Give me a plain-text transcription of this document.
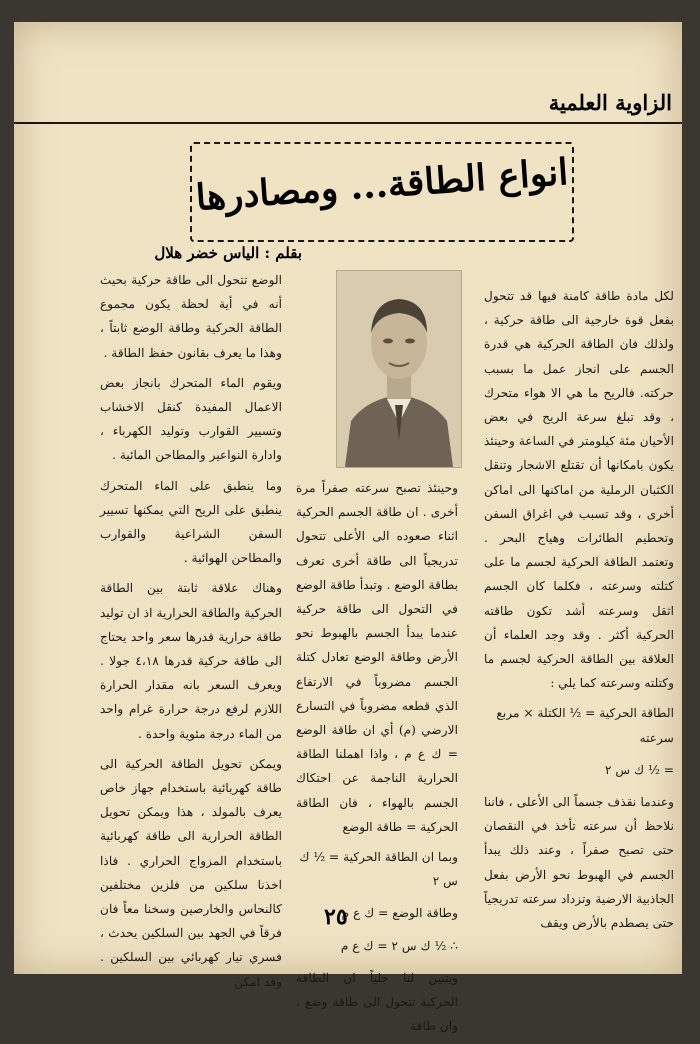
الزاوية العلمية
انواع الطاقة... ومصادرها
بقلم : الياس خضر هلال

لكل مادة طاقة كامنة فيها قد تتحول بفعل قوة خارجية الى طاقة حركية ، ولذلك فان الطاقة الحركية هي قدرة الجسم على انجاز عمل ما بسبب حركته. فالريح ما هي الا هواء متحرك ، وقد تبلغ سرعة الريح في بعض الأحيان مئة كيلومتر في الساعة وحينئذ يكون بامكانها أن تقتلع الاشجار وتنقل الكثبان الرملية من اماكنها الى اماكن أخرى ، وقد تسبب في اغراق السفن وتحطيم الطائرات وهياج البحر . وتعتمد الطاقة الحركية لجسم ما على كتلته وسرعته ، فكلما كان الجسم اثقل وسرعته أشد تكون طاقته الحركية أكثر . وقد وجد العلماء أن العلاقة بين الطاقة الحركية لجسم ما وكتلته وسرعته كما يلي :

الطاقة الحركية = ½ الكتلة × مربع سرعته
= ½ ك س ٢

وعندما نقذف جسماً الى الأعلى ، فاننا نلاحظ أن سرعته تأخذ في النقصان حتى تصبح صفراً ، وعند ذلك يبدأ الجسم في الهبوط نحو الأرض بفعل الجاذبية الارضية وتزداد سرعته تدريجياً حتى يصطدم بالأرض ويقف

وحينئذ تصبح سرعته صفراً مرة أخرى . ان طاقة الجسم الحركية اثناء صعوده الى الأعلى تتحول تدريجياً الى طاقة أخرى تعرف بطاقة الوضع . وتبدأ طاقة الوضع في التحول الى طاقة حركية عندما يبدأ الجسم بالهبوط نحو الأرض وطاقة الوضع تعادل كتلة الجسم مضروباً في الارتفاع الذي قطعه مضروباً في التسارع الارضي (م) أي ان طاقة الوضع = ك ع م ، واذا اهملنا الطاقة الحرارية الناجمة عن احتكاك الجسم بالهواء ، فان الطاقة الحركية = طاقة الوضع

وبما ان الطاقة الحركية = ½ ك س ٢
وطاقة الوضع = ك ع م
∴ ½ ك س ٢ = ك ع م

ويتبين لنا جلياً ان الطاقة الحركية تتحول الى طاقة وضع ، وان طاقة

الوضع تتحول الى طاقة حركية بحيث أنه في أية لحظة يكون مجموع الطاقة الحركية وطاقة الوضع ثابتاً ، وهذا ما يعرف بقانون حفظ الطاقة .

ويقوم الماء المتحرك بانجاز بعض الاعمال المفيدة كنقل الاخشاب وتسيير القوارب وتوليد الكهرباء ، وادارة النواعير والمطاحن المائية .

وما ينطبق على الماء المتحرك ينطبق على الريح التي يمكنها تسيير السفن الشراعية والقوارب والمطاحن الهوائية .

وهناك علاقة ثابتة بين الطاقة الحركية والطاقة الحرارية اذ ان توليد طاقة حرارية قدرها سعر واحد يحتاج الى طاقة حركية قدرها ٤،١٨ جولا . ويعرف السعر بانه مقدار الحرارة اللازم لرفع درجة حرارة غرام واحد من الماء درجة مئوية واحدة .

ويمكن تحويل الطاقة الحركية الى طاقة كهربائية باستخدام جهاز خاص يعرف بالمولد ، هذا ويمكن تحويل الطاقة الحرارية الى طاقة كهربائية باستخدام المزواج الحراري . فاذا اخذنا سلكين من فلزين مختلفين كالنحاس والخارصين وسخنا معاً فان فرقاً في الجهد بين السلكين يحدث ، فسري تيار كهربائي بين السلكين . وقد امكن

٢٥
